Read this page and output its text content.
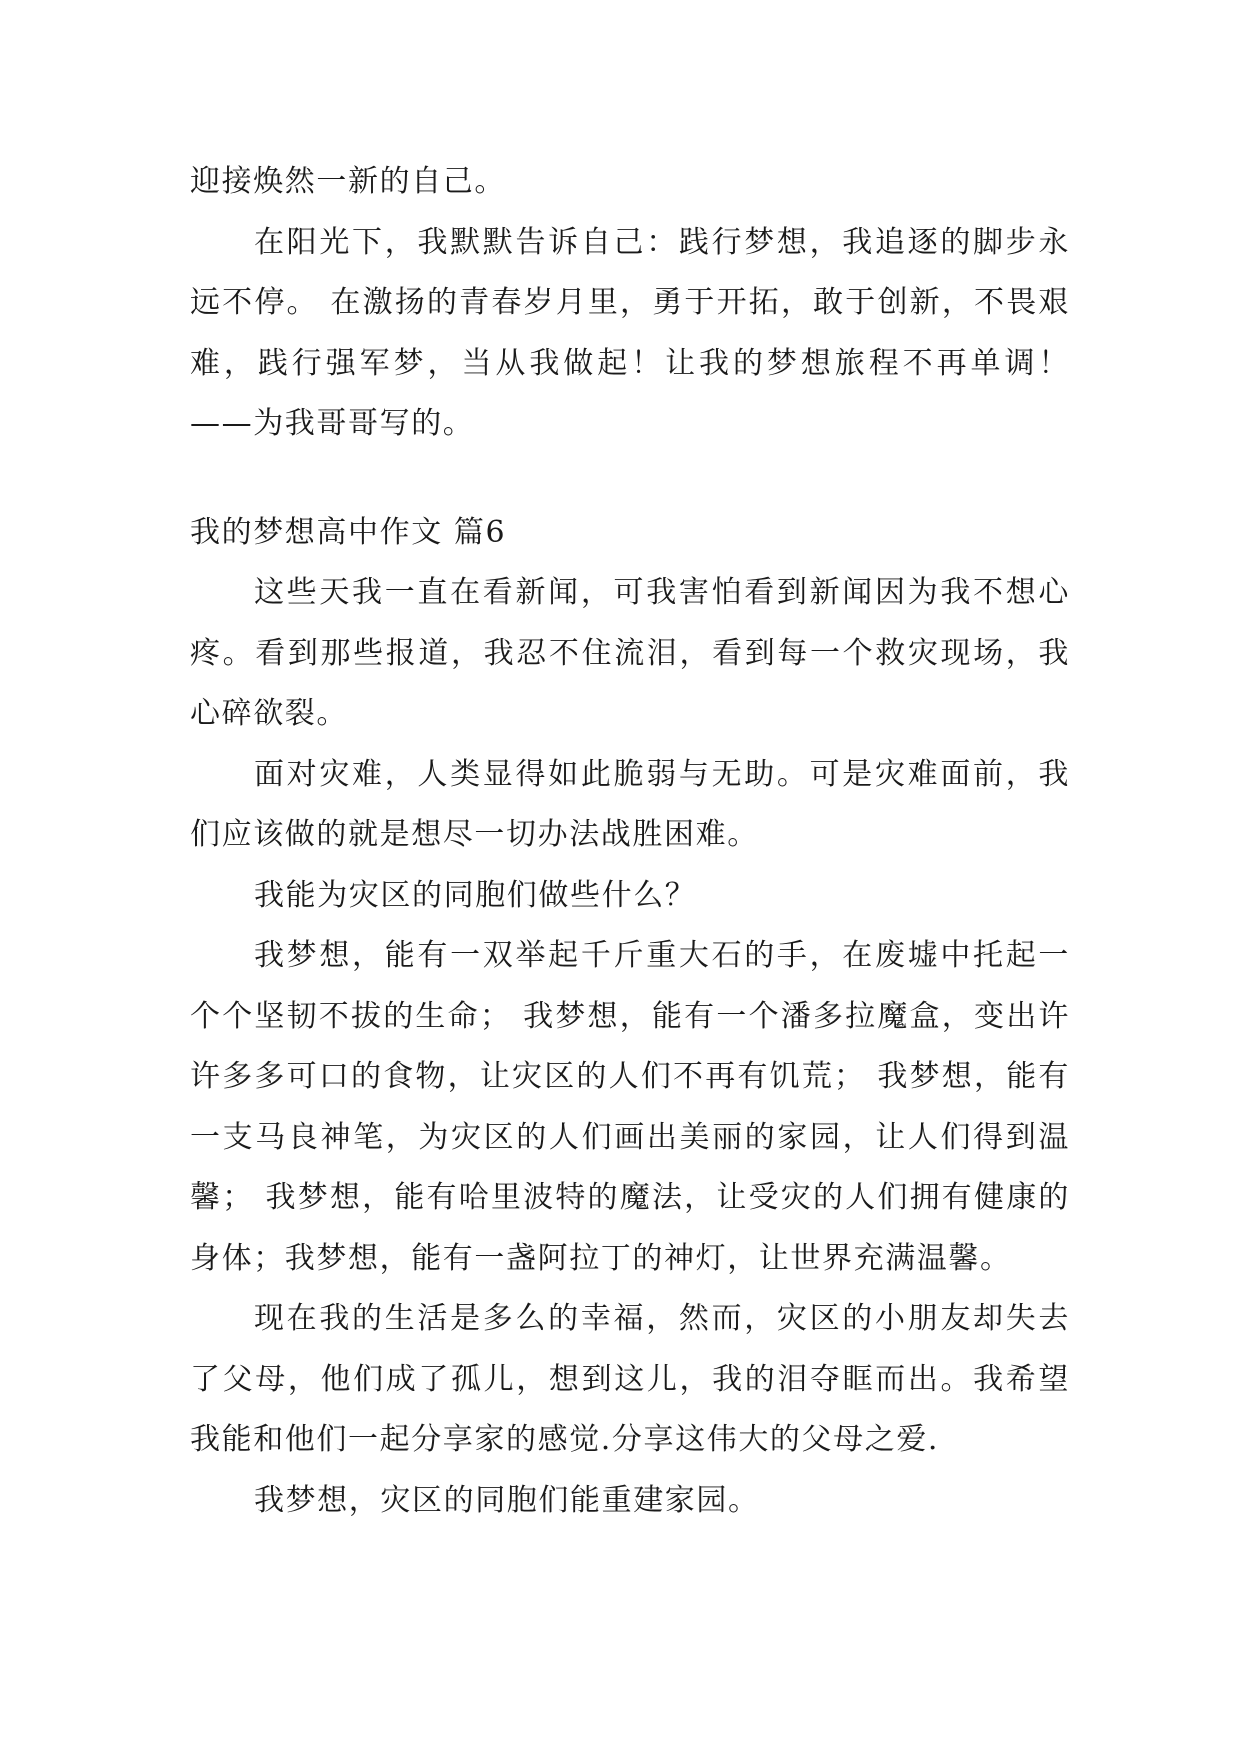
迎接焕然一新的自己。

在阳光下，我默默告诉自己：践行梦想，我追逐的脚步永远不停。 在激扬的青春岁月里，勇于开拓，敢于创新，不畏艰难，践行强军梦，当从我做起！让我的梦想旅程不再单调！ ——为我哥哥写的。

我的梦想高中作文 篇6

这些天我一直在看新闻，可我害怕看到新闻因为我不想心疼。看到那些报道，我忍不住流泪，看到每一个救灾现场，我心碎欲裂。

面对灾难，人类显得如此脆弱与无助。可是灾难面前，我们应该做的就是想尽一切办法战胜困难。

我能为灾区的同胞们做些什么？

我梦想，能有一双举起千斤重大石的手，在废墟中托起一个个坚韧不拔的生命； 我梦想，能有一个潘多拉魔盒，变出许许多多可口的食物，让灾区的人们不再有饥荒； 我梦想，能有一支马良神笔，为灾区的人们画出美丽的家园，让人们得到温馨； 我梦想，能有哈里波特的魔法，让受灾的人们拥有健康的身体；我梦想，能有一盏阿拉丁的神灯，让世界充满温馨。

现在我的生活是多么的幸福，然而，灾区的小朋友却失去了父母，他们成了孤儿，想到这儿，我的泪夺眶而出。我希望我能和他们一起分享家的感觉.分享这伟大的父母之爱.

我梦想，灾区的同胞们能重建家园。
